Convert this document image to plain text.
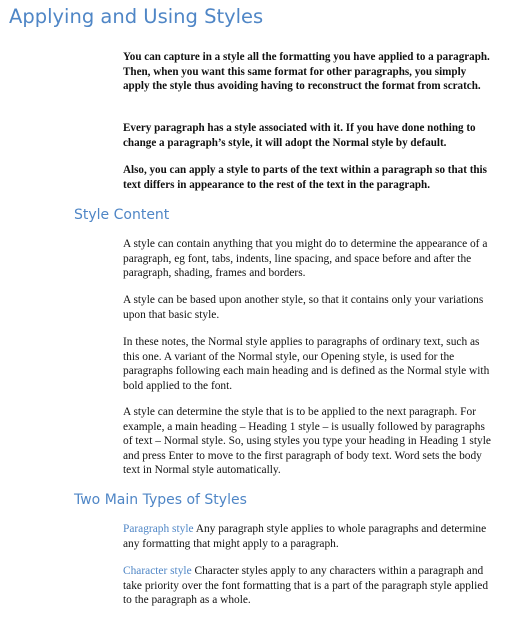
Applying and Using Styles

You can capture in a style all the formatting you have applied to a paragraph. Then, when you want this same format for other paragraphs, you simply apply the style thus avoiding having to reconstruct the format from scratch.

Every paragraph has a style associated with it. If you have done nothing to change a paragraph’s style, it will adopt the Normal style by default.

Also, you can apply a style to parts of the text within a paragraph so that this text differs in appearance to the rest of the text in the paragraph.

Style Content

A style can contain anything that you might do to determine the appearance of a paragraph, eg font, tabs, indents, line spacing, and space before and after the paragraph, shading, frames and borders.

A style can be based upon another style, so that it contains only your variations upon that basic style.

In these notes, the Normal style applies to paragraphs of ordinary text, such as this one. A variant of the Normal style, our Opening style, is used for the paragraphs following each main heading and is defined as the Normal style with bold applied to the font.

A style can determine the style that is to be applied to the next paragraph. For example, a main heading – Heading 1 style – is usually followed by paragraphs of text – Normal style. So, using styles you type your heading in Heading 1 style and press Enter to move to the first paragraph of body text. Word sets the body text in Normal style automatically.

Two Main Types of Styles

Paragraph style Any paragraph style applies to whole paragraphs and determine any formatting that might apply to a paragraph.

Character style Character styles apply to any characters within a paragraph and take priority over the font formatting that is a part of the paragraph style applied to the paragraph as a whole.
